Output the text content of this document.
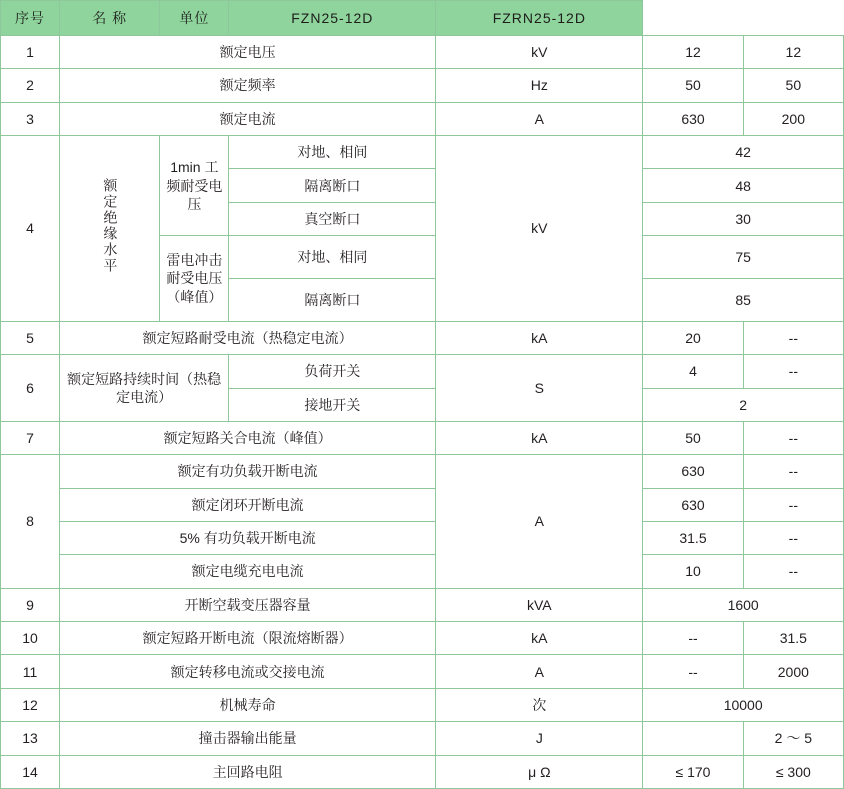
序号	名 称	单位	FZN25-12D	FZRN25-12D		
1	额定电压			kV	12	12
2	额定频率			Hz	50	50
3	额定电流			A	630	200
4	额定绝缘水平	1min 工频耐受电压	对地、相间	kV	42	
			隔离断口		48	
			真空断口		30	
		雷电冲击耐受电压（峰值）	对地、相同		75	
			隔离断口		85	
5	额定短路耐受电流（热稳定电流）			kA	20	--
6	额定短路持续时间（热稳定电流）		负荷开关	S	4	--
			接地开关		2	
7	额定短路关合电流（峰值）			kA	50	--
8	额定有功负载开断电流			A	630	--
	额定闭环开断电流				630	--
	5% 有功负载开断电流				31.5	--
	额定电缆充电电流				10	--
9	开断空载变压器容量			kVA	1600	
10	额定短路开断电流（限流熔断器）			kA	--	31.5
11	额定转移电流或交接电流			A	--	2000
12	机械寿命			次	10000	
13	撞击器输出能量			J		2 ～ 5
14	主回路电阻			μ Ω	≤ 170	≤ 300
